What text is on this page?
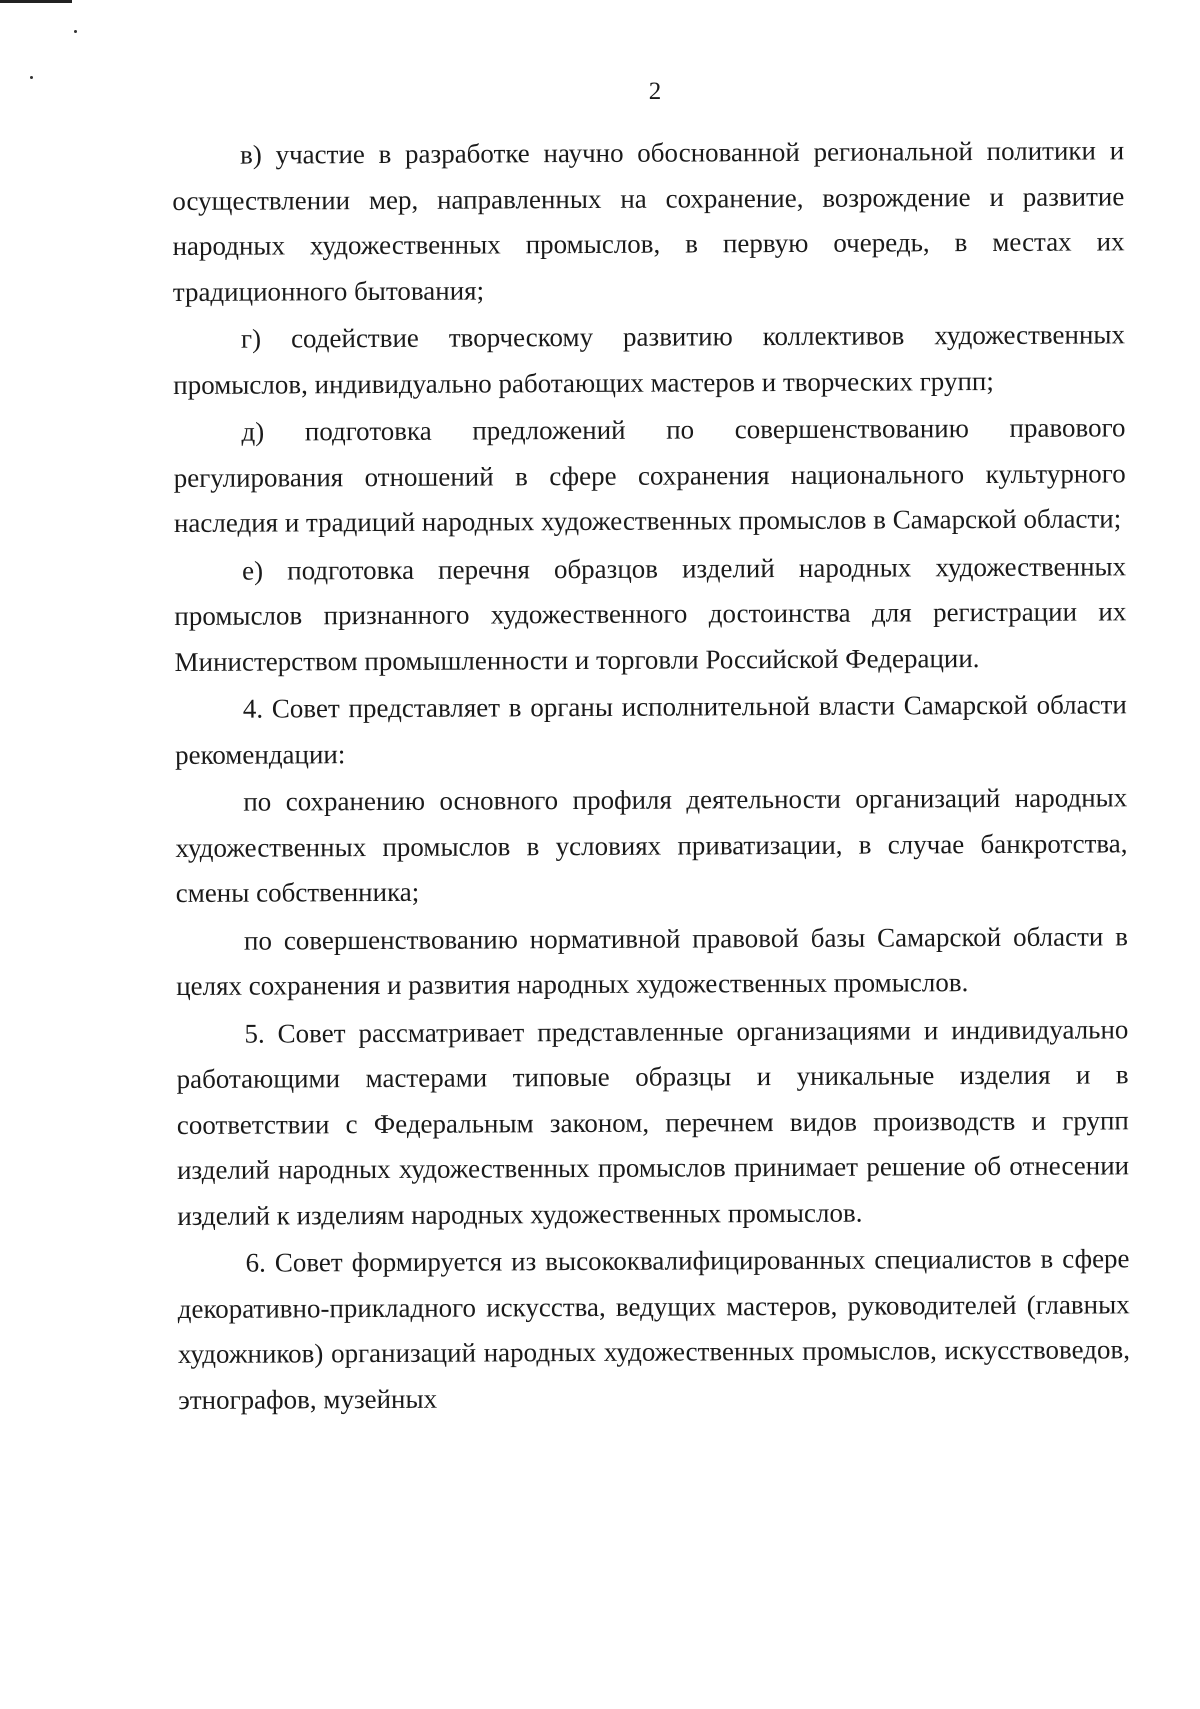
2

в) участие в разработке научно обоснованной региональной политики и осуществлении мер, направленных на сохранение, возрождение и развитие народных художественных промыслов, в первую очередь, в местах их традиционного бытования;

г) содействие творческому развитию коллективов художественных промыслов, индивидуально работающих мастеров и творческих групп;

д) подготовка предложений по совершенствованию правового регулирования отношений в сфере сохранения национального культурного наследия и традиций народных художественных промыслов в Самарской области;

е) подготовка перечня образцов изделий народных художественных промыслов признанного художественного достоинства для регистрации их Министерством промышленности и торговли Российской Федерации.

4. Совет представляет в органы исполнительной власти Самарской области рекомендации:

по сохранению основного профиля деятельности организаций народных художественных промыслов в условиях приватизации, в случае банкротства, смены собственника;

по совершенствованию нормативной правовой базы Самарской области в целях сохранения и развития народных художественных промыслов.

5. Совет рассматривает представленные организациями и индивидуально работающими мастерами типовые образцы и уникальные изделия и в соответствии с Федеральным законом, перечнем видов производств и групп изделий народных художественных промыслов принимает решение об отнесении изделий к изделиям народных художественных промыслов.

6. Совет формируется из высококвалифицированных специалистов в сфере декоративно-прикладного искусства, ведущих мастеров, руководителей (главных художников) организаций народных художественных промыслов, искусствоведов, этнографов, музейных
